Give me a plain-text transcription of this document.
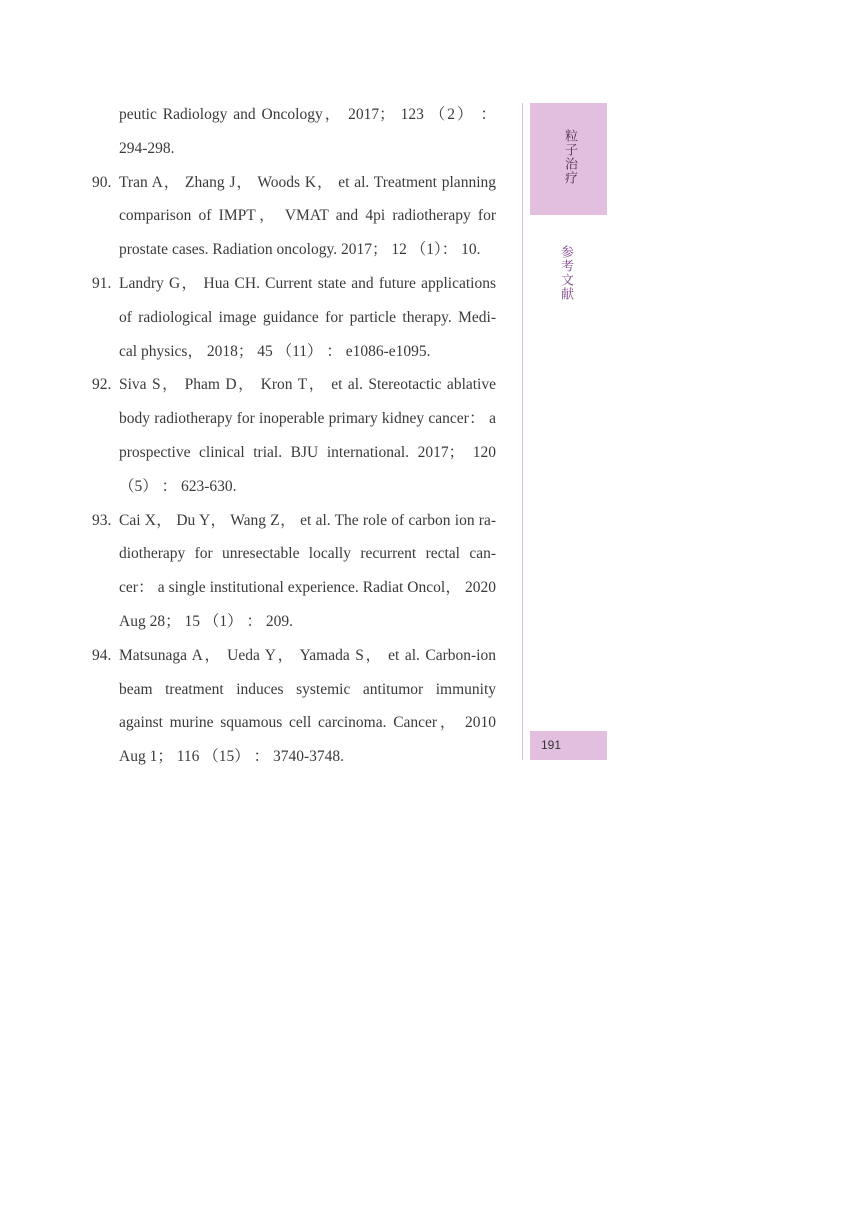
peutic Radiology and Oncology， 2017； 123 （2） ： 294-298.
90. Tran A， Zhang J， Woods K， et al. Treatment planning comparison of IMPT， VMAT and 4pi radiotherapy for prostate cases. Radiation oncology. 2017； 12 （1）： 10.
91. Landry G， Hua CH. Current state and future applications of radiological image guidance for particle therapy. Medi-cal physics， 2018； 45 （11） ： e1086-e1095.
92. Siva S， Pham D， Kron T， et al. Stereotactic ablative body radiotherapy for inoperable primary kidney cancer： a prospective clinical trial. BJU international. 2017； 120 （5） ： 623-630.
93. Cai X， Du Y， Wang Z， et al. The role of carbon ion ra-diotherapy for unresectable locally recurrent rectal can-cer： a single institutional experience. Radiat Oncol， 2020 Aug 28； 15 （1） ： 209.
94. Matsunaga A， Ueda Y， Yamada S， et al. Carbon-ion beam treatment induces systemic antitumor immunity against murine squamous cell carcinoma. Cancer， 2010 Aug 1； 116 （15） ： 3740-3748.
粒子治疗
参考文献
191
